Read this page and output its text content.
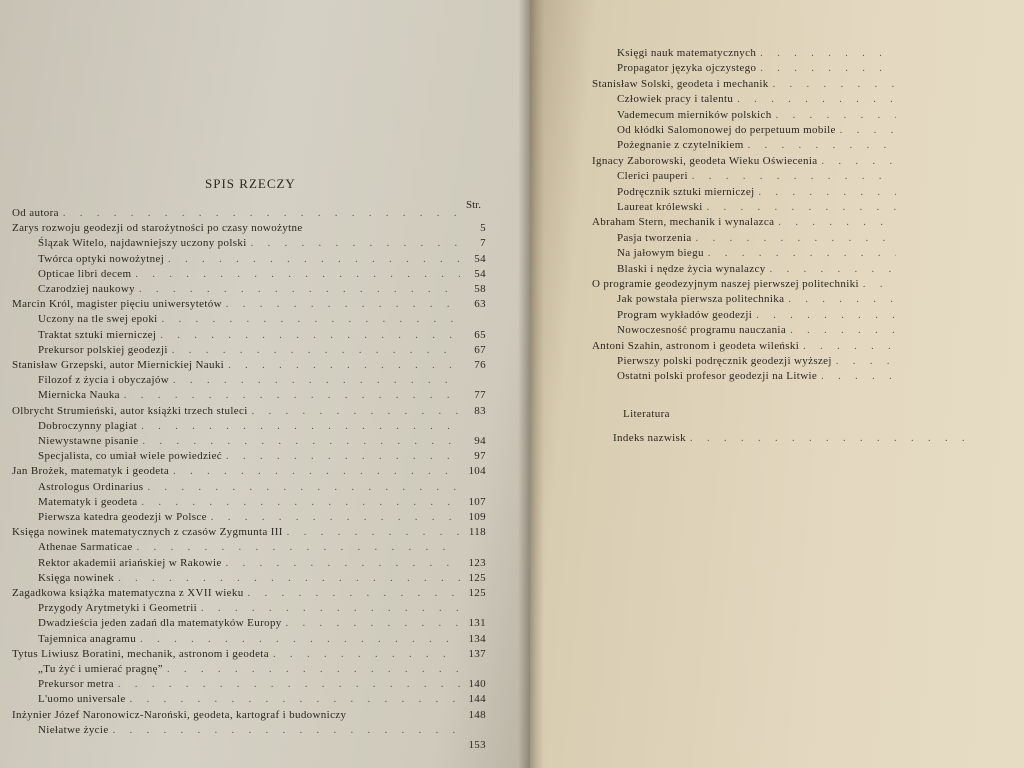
SPIS RZECZY
Str.
Od autora
. . .
Zarys rozwoju geodezji od starożytności po czasy nowożytne	5
Ślązak Witelo, najdawniejszy uczony polski . . .	7
Twórca optyki nowożytnej . . .	54
Opticae libri decem . . .	54
Czarodziej naukowy . . .	58
Marcin Król, magister pięciu uniwersytetów . . .	63
Uczony na tle swej epoki
. . .
Traktat sztuki mierniczej . . .	65
Prekursor polskiej geodezji . . .	67
Stanisław Grzepski, autor Miernickiej Nauki . . .	76
Filozof z życia i obyczajów
. . .
Miernicka Nauka . . .	77
Olbrycht Strumieński, autor książki trzech stuleci . . .	83
Dobroczynny plagiat
. . .
Niewystawne pisanie . . .	94
Specjalista, co umiał wiele powiedzieć . . .	97
Jan Brożek, matematyk i geodeta . . .	104
Astrologus Ordinarius
. . .
Matematyk i geodeta . . .	107
Pierwsza katedra geodezji w Polsce . . .	109
Księga nowinek matematycznych z czasów Zygmunta III . . .	118
Athenae Sarmaticae
. . .
Rektor akademii ariańskiej w Rakowie . . .	123
Księga nowinek . . .	125
Zagadkowa książka matematyczna z XVII wieku . . .	125
Przygody Arytmetyki i Geometrii
. . .
Dwadzieścia jeden zadań dla matematyków Europy . . .	131
Tajemnica anagramu . . .	134
Tytus Liwiusz Boratini, mechanik, astronom i geodeta . . .	137
„Tu żyć i umierać pragnę”
. . .
Prekursor metra . . .	140
L'uomo universale . . .	144
Inżynier Józef Naronowicz-Naroński, geodeta, kartograf i budowniczy	148
Niełatwe życie
. . .
153
Księgi nauk matematycznych
. . .
Propagator języka ojczystego
. . .
Stanisław Solski, geodeta i mechanik
. . .
Człowiek pracy i talentu
. . .
Vademecum mierników polskich
. . .
Od kłódki Salomonowej do perpetuum mobile
. . .
Pożegnanie z czytelnikiem
. . .
Ignacy Zaborowski, geodeta Wieku Oświecenia
. . .
Clerici pauperi
. . .
Podręcznik sztuki mierniczej
. . .
Laureat królewski
. . .
Abraham Stern, mechanik i wynalazca
. . .
Pasja tworzenia
. . .
Na jałowym biegu
. . .
Blaski i nędze życia wynalazcy
. . .
O programie geodezyjnym naszej pierwszej politechniki
. . .
Jak powstała pierwsza politechnika
. . .
Program wykładów geodezji
. . .
Nowoczesność programu nauczania
. . .
Antoni Szahin, astronom i geodeta wileński
. . .
Pierwszy polski podręcznik geodezji wyższej
. . .
Ostatni polski profesor geodezji na Litwie
. . .
Literatura
Indeks nazwisk
. . .
